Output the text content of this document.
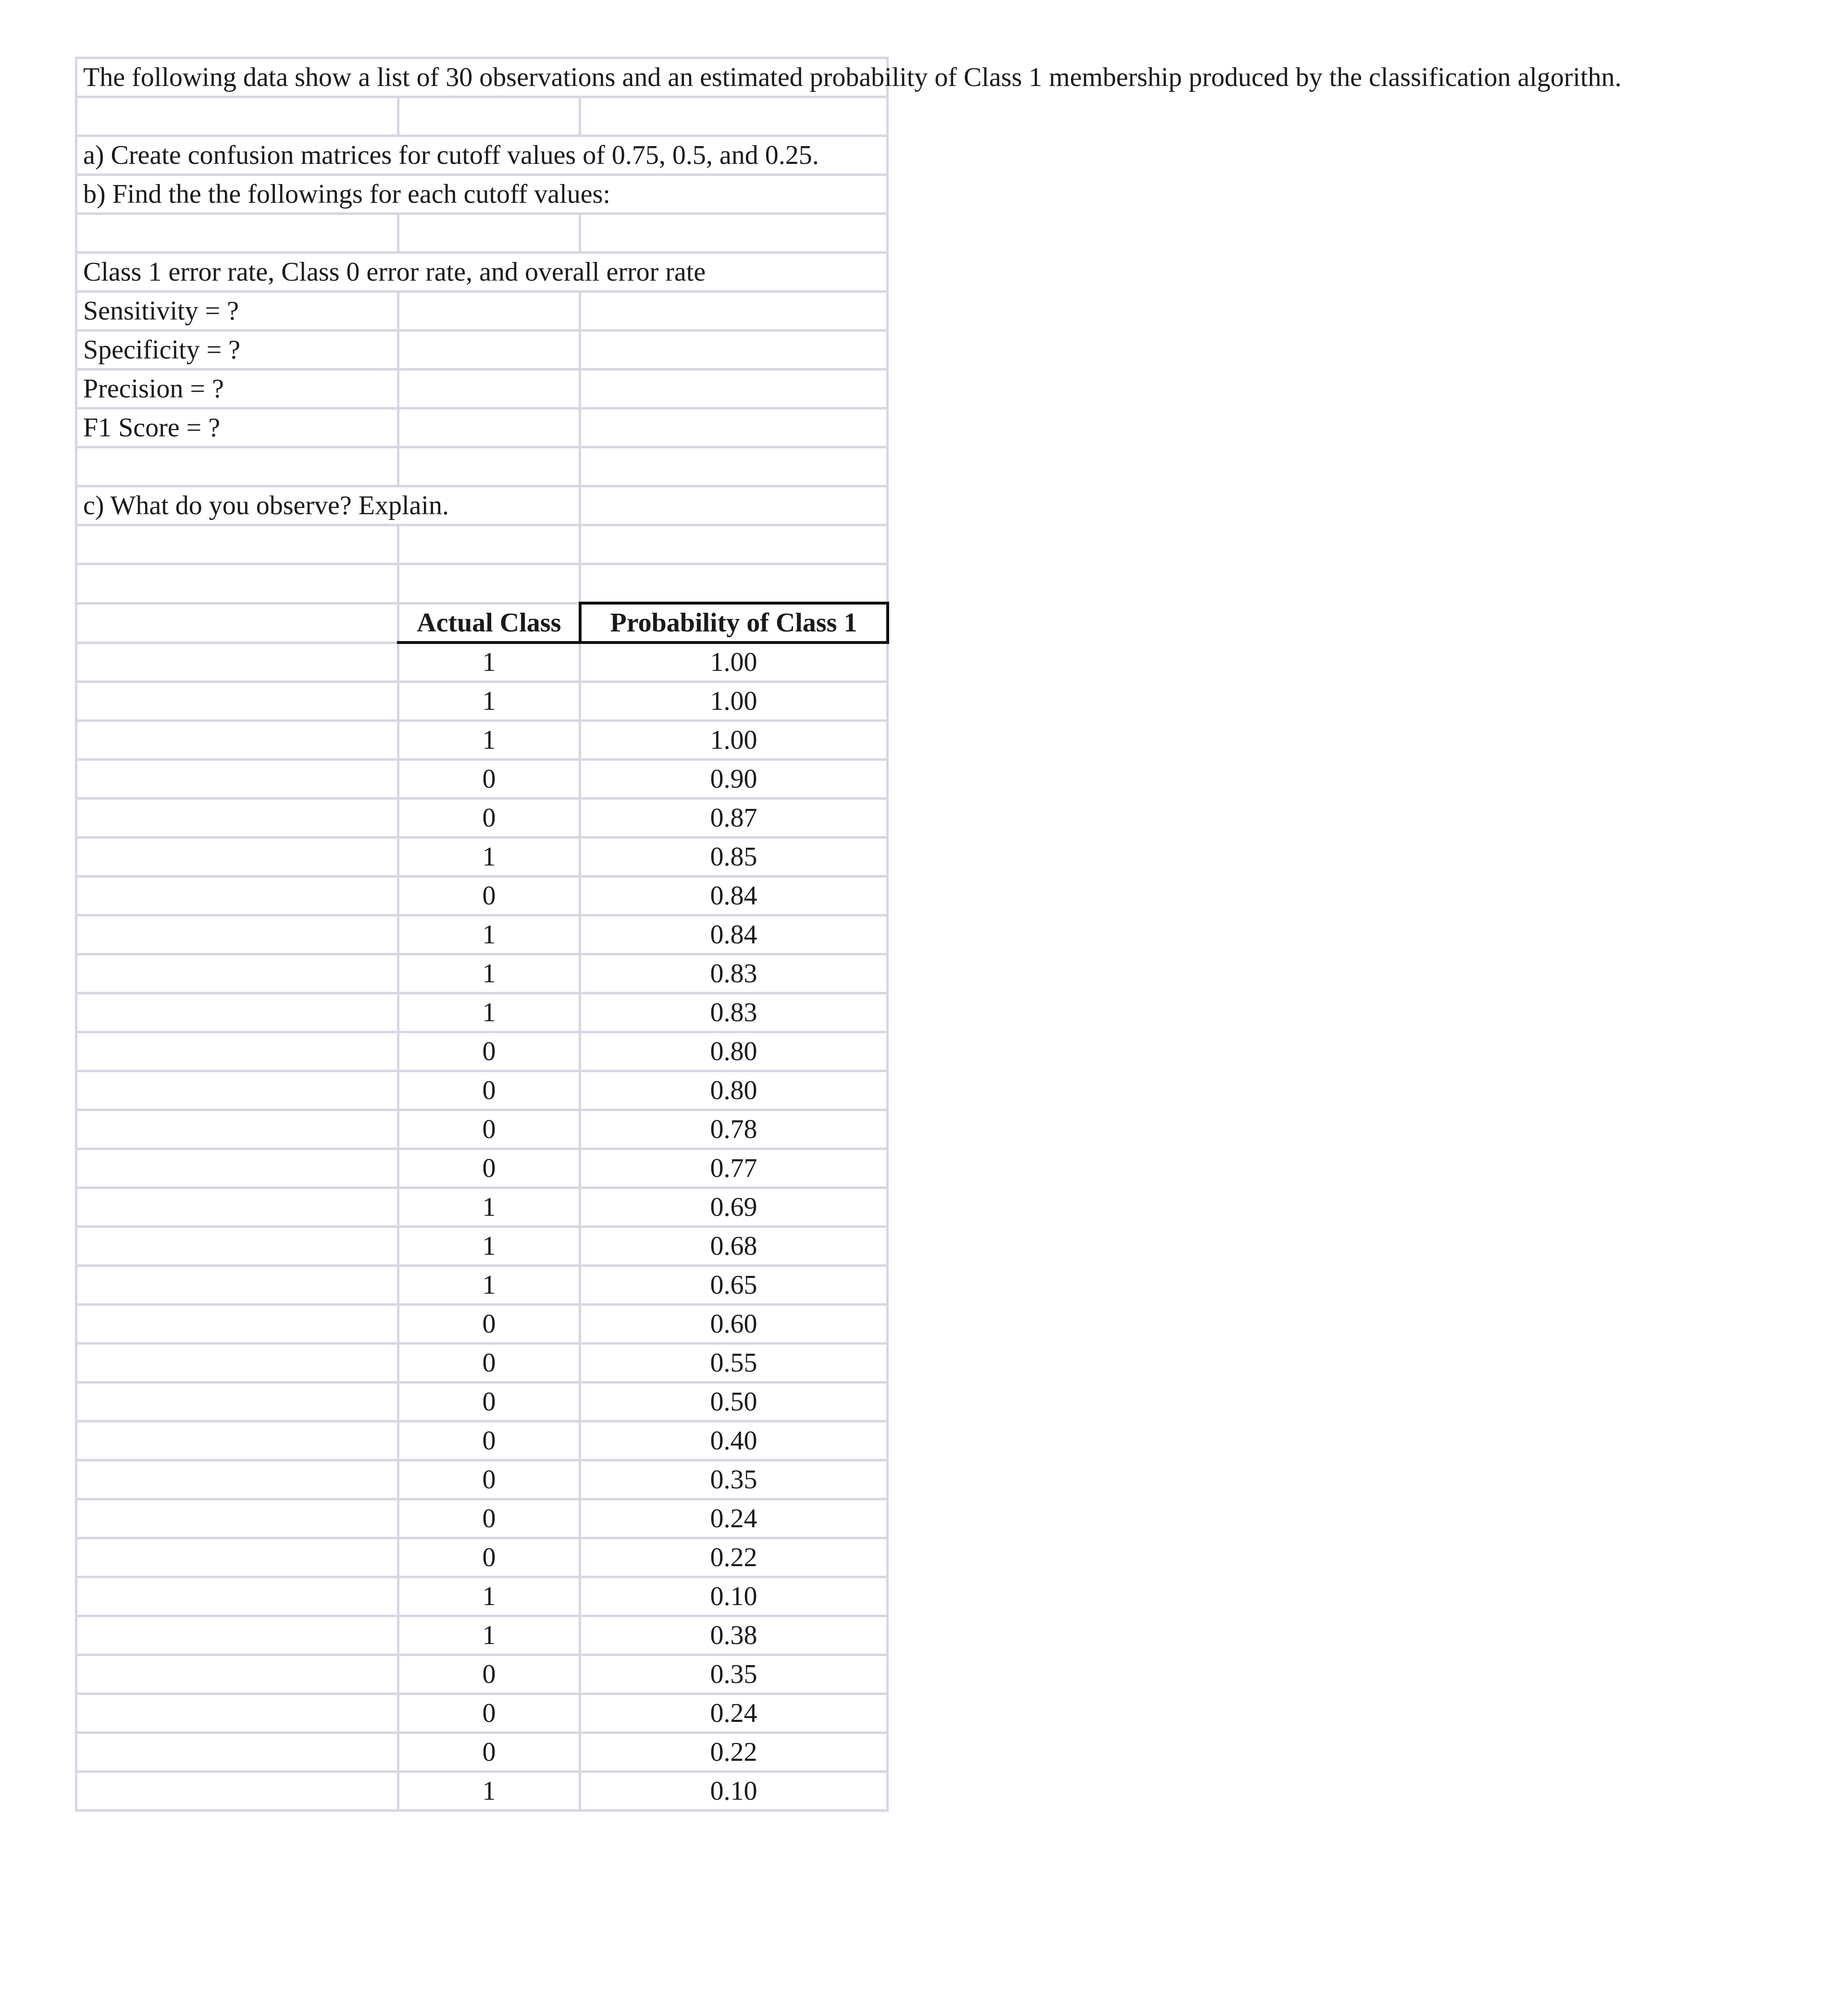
The following data show a list of 30 observations and an estimated probability of Class 1 membership produced by the classification algorithn.		

a) Create confusion matrices for cutoff values of 0.75, 0.5, and 0.25.		
b) Find the the followings for each cutoff values:		

Class 1 error rate, Class 0 error rate, and overall error rate		
Sensitivity = ?		
Specificity = ?		
Precision = ?		
F1 Score = ?		

c) What do you observe? Explain.		

	Actual Class	Probability of Class 1
	1	1.00
	1	1.00
	1	1.00
	0	0.90
	0	0.87
	1	0.85
	0	0.84
	1	0.84
	1	0.83
	1	0.83
	0	0.80
	0	0.80
	0	0.78
	0	0.77
	1	0.69
	1	0.68
	1	0.65
	0	0.60
	0	0.55
	0	0.50
	0	0.40
	0	0.35
	0	0.24
	0	0.22
	1	0.10
	1	0.38
	0	0.35
	0	0.24
	0	0.22
	1	0.10
